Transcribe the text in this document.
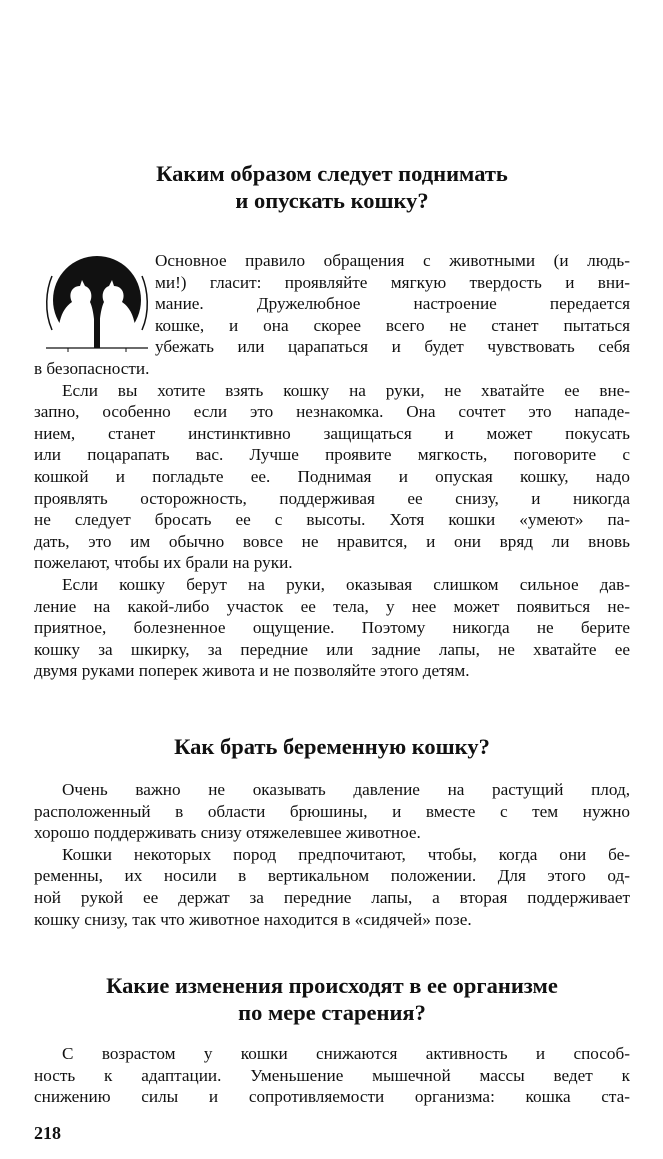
Каким образом следует поднимать
и опускать кошку?
Основное правило обращения с животными (и людь-
ми!) гласит: проявляйте мягкую твердость и вни-
мание. Дружелюбное настроение передается
кошке, и она скорее всего не станет пытаться
убежать или царапаться и будет чувствовать себя
в безопасности.
Если вы хотите взять кошку на руки, не хватайте ее вне-
запно, особенно если это незнакомка. Она сочтет это нападе-
нием, станет инстинктивно защищаться и может покусать
или поцарапать вас. Лучше проявите мягкость, поговорите с
кошкой и погладьте ее. Поднимая и опуская кошку, надо
проявлять осторожность, поддерживая ее снизу, и никогда
не следует бросать ее с высоты. Хотя кошки «умеют» па-
дать, это им обычно вовсе не нравится, и они вряд ли вновь
пожелают, чтобы их брали на руки.
Если кошку берут на руки, оказывая слишком сильное дав-
ление на какой-либо участок ее тела, у нее может появиться не-
приятное, болезненное ощущение. Поэтому никогда не берите
кошку за шкирку, за передние или задние лапы, не хватайте ее
двумя руками поперек живота и не позволяйте этого детям.
Как брать беременную кошку?
Очень важно не оказывать давление на растущий плод,
расположенный в области брюшины, и вместе с тем нужно
хорошо поддерживать снизу отяжелевшее животное.
Кошки некоторых пород предпочитают, чтобы, когда они бе-
ременны, их носили в вертикальном положении. Для этого од-
ной рукой ее держат за передние лапы, а вторая поддерживает
кошку снизу, так что животное находится в «сидячей» позе.
Какие изменения происходят в ее организме
по мере старения?
С возрастом у кошки снижаются активность и способ-
ность к адаптации. Уменьшение мышечной массы ведет к
снижению силы и сопротивляемости организма: кошка ста-
218
